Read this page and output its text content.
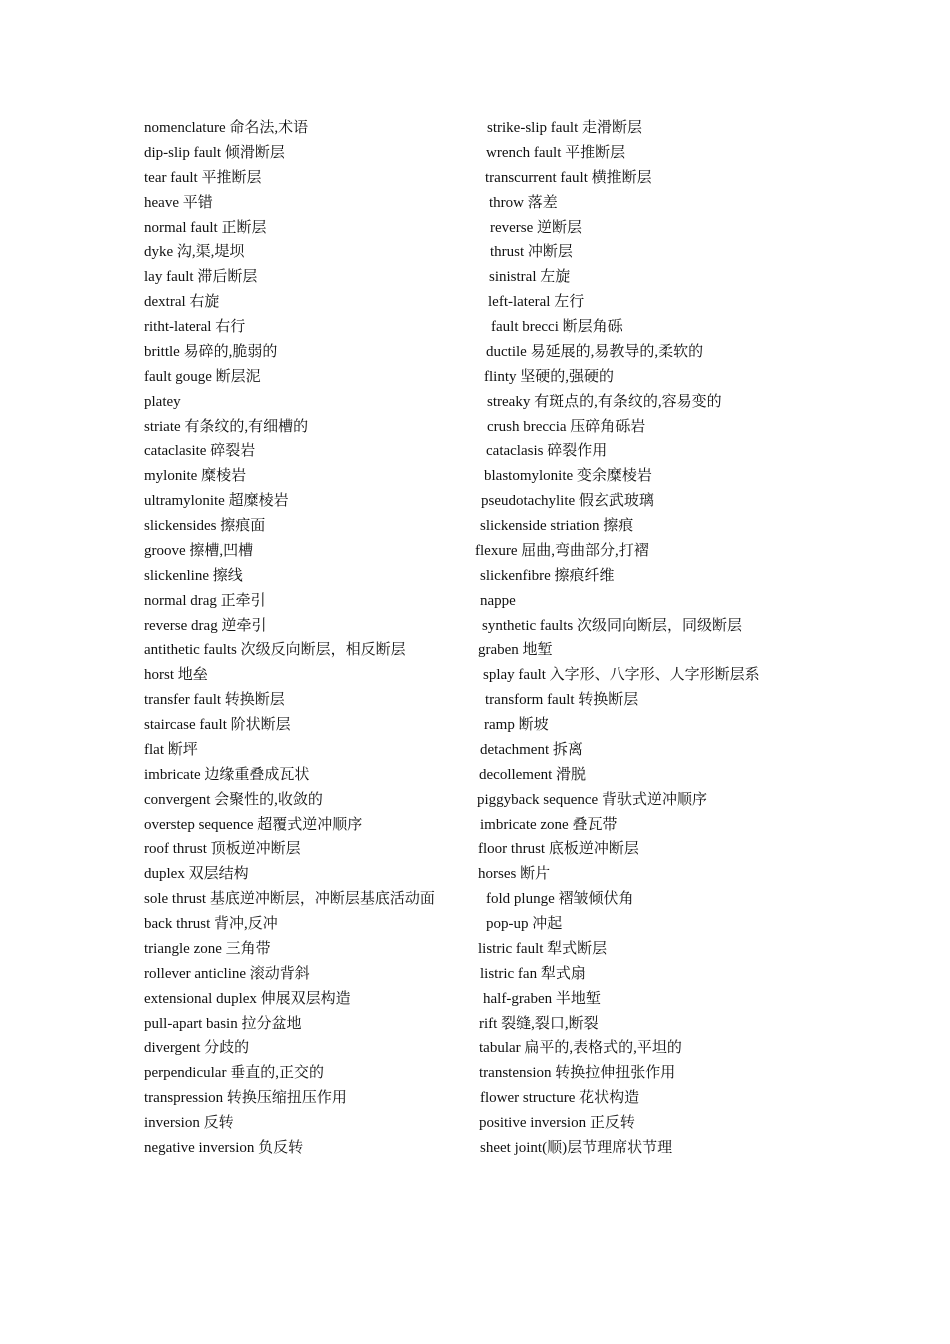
nomenclature 命名法,术语	strike-slip fault 走滑断层
dip-slip fault 倾滑断层	wrench fault 平推断层
tear fault 平推断层	transcurrent fault 横推断层
heave 平错	throw 落差
normal fault 正断层	reverse 逆断层
dyke 沟,渠,堤坝	thrust 冲断层
lay fault 滞后断层	sinistral 左旋
dextral 右旋	left-lateral 左行
ritht-lateral 右行	fault brecci 断层角砾
brittle 易碎的,脆弱的	ductile 易延展的,易教导的,柔软的
fault gouge 断层泥	flinty 坚硬的,强硬的
platey	streaky 有斑点的,有条纹的,容易变的
striate 有条纹的,有细槽的	crush breccia 压碎角砾岩
cataclasite 碎裂岩	cataclasis 碎裂作用
mylonite 糜棱岩	blastomylonite 变余糜棱岩
ultramylonite 超糜棱岩	pseudotachylite 假玄武玻璃
slickensides 擦痕面	slickenside striation 擦痕
groove 擦槽,凹槽	flexure 屈曲,弯曲部分,打褶
slickenline 擦线	slickenfibre 擦痕纤维
normal drag 正牵引	nappe
reverse drag 逆牵引	synthetic faults 次级同向断层，同级断层
antithetic faults 次级反向断层，相反断层	graben 地堑
horst 地垒	splay fault 入字形、八字形、人字形断层系
transfer fault 转换断层	transform fault 转换断层
staircase fault 阶状断层	ramp 断坡
flat 断坪	detachment 拆离
imbricate 边缘重叠成瓦状	decollement 滑脱
convergent 会聚性的,收敛的	piggyback sequence 背驮式逆冲顺序
overstep sequence 超覆式逆冲顺序	imbricate zone 叠瓦带
roof thrust 顶板逆冲断层	floor thrust 底板逆冲断层
duplex 双层结构	horses 断片
sole thrust 基底逆冲断层，冲断层基底活动面	fold plunge 褶皱倾伏角
back thrust 背冲,反冲	pop-up 冲起
triangle zone 三角带	listric fault 犁式断层
rollever anticline 滚动背斜	listric fan 犁式扇
extensional duplex 伸展双层构造	half-graben 半地堑
pull-apart basin 拉分盆地	rift 裂缝,裂口,断裂
divergent 分歧的	tabular 扁平的,表格式的,平坦的
perpendicular 垂直的,正交的	transtension 转换拉伸扭张作用
transpression 转换压缩扭压作用	flower structure 花状构造
inversion 反转	positive inversion 正反转
negative inversion 负反转	sheet joint(顺)层节理席状节理
